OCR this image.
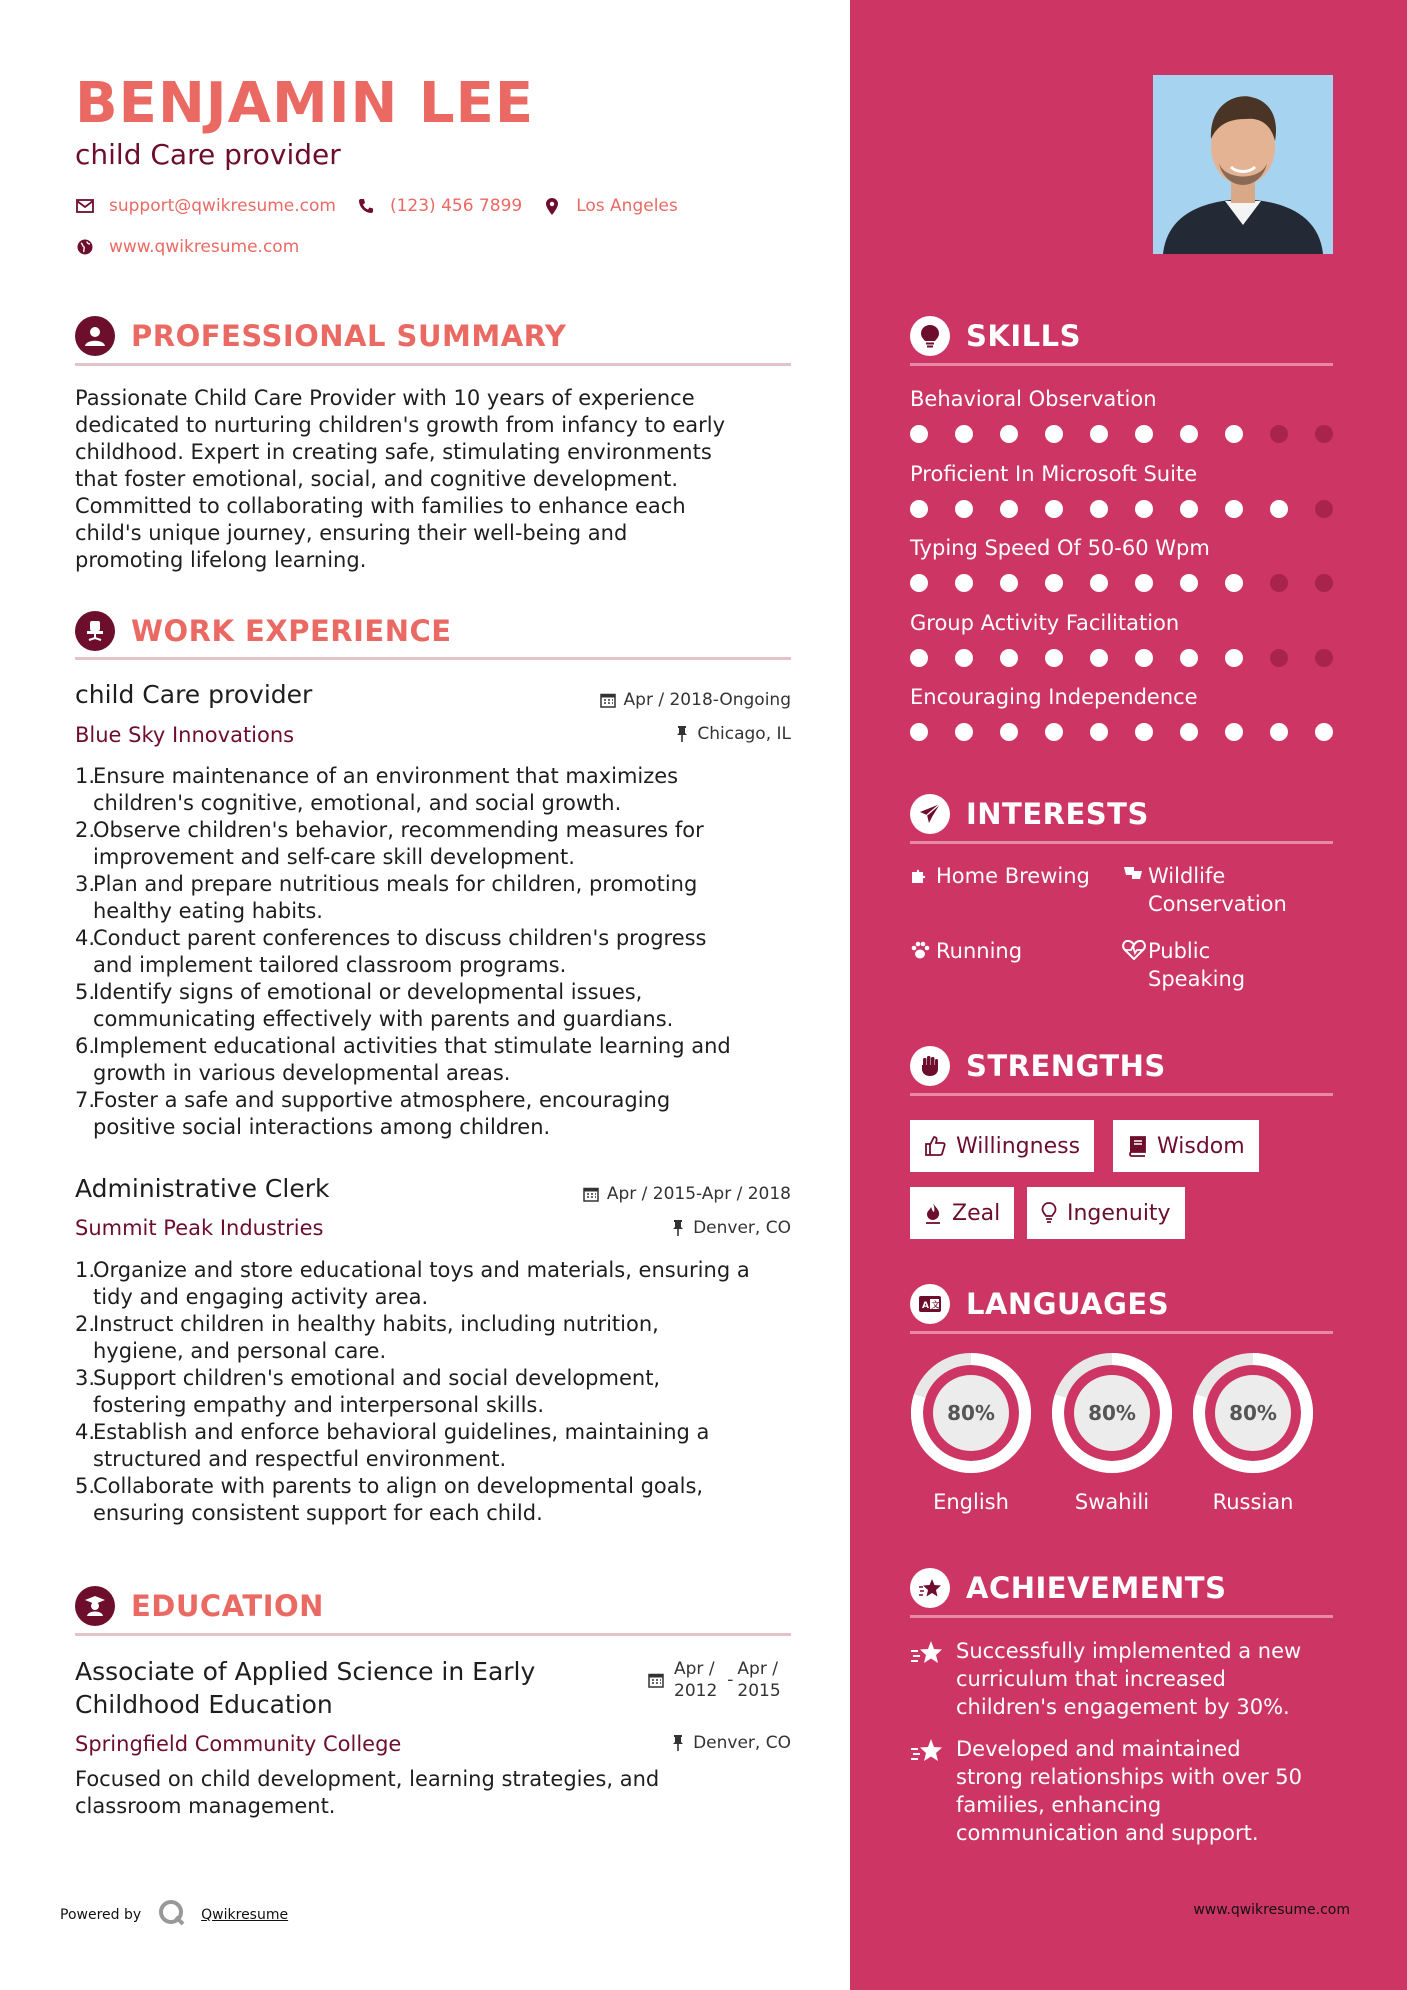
BENJAMIN LEE
child Care provider
support@qwikresume.com	(123) 456 7899	Los Angeles
www.qwikresume.com
PROFESSIONAL SUMMARY
Passionate Child Care Provider with 10 years of experience
dedicated to nurturing children's growth from infancy to early
childhood. Expert in creating safe, stimulating environments
that foster emotional, social, and cognitive development.
Committed to collaborating with families to enhance each
child's unique journey, ensuring their well-being and
promoting lifelong learning.
WORK EXPERIENCE
child Care provider	Apr / 2018-Ongoing
Blue Sky Innovations	Chicago, IL
1.
Ensure maintenance of an environment that maximizes
children's cognitive, emotional, and social growth.
2.
Observe children's behavior, recommending measures for
improvement and self-care skill development.
3.
Plan and prepare nutritious meals for children, promoting
healthy eating habits.
4.
Conduct parent conferences to discuss children's progress
and implement tailored classroom programs.
5.
Identify signs of emotional or developmental issues,
communicating effectively with parents and guardians.
6.
Implement educational activities that stimulate learning and
growth in various developmental areas.
7.
Foster a safe and supportive atmosphere, encouraging
positive social interactions among children.
Administrative Clerk	Apr / 2015-Apr / 2018
Summit Peak Industries	Denver, CO
1.
Organize and store educational toys and materials, ensuring a
tidy and engaging activity area.
2.
Instruct children in healthy habits, including nutrition,
hygiene, and personal care.
3.
Support children's emotional and social development,
fostering empathy and interpersonal skills.
4.
Establish and enforce behavioral guidelines, maintaining a
structured and respectful environment.
5.
Collaborate with parents to align on developmental goals,
ensuring consistent support for each child.
EDUCATION
Associate of Applied Science in Early
Childhood Education
Apr /
2012
-
Apr /
2015
Springfield Community College	Denver, CO
Focused on child development, learning strategies, and
classroom management.
Powered by	Qwikresume
SKILLS
Behavioral Observation
Proficient In Microsoft Suite
Typing Speed Of 50-60 Wpm
Group Activity Facilitation
Encouraging Independence
INTERESTS
Home Brewing	Wildlife
Conservation
Running	Public
Speaking
STRENGTHS
Willingness	Wisdom
Zeal	Ingenuity
A 文 LANGUAGES
80%
English
80%
Swahili
80%
Russian
ACHIEVEMENTS
Successfully implemented a new
curriculum that increased
children's engagement by 30%.
Developed and maintained
strong relationships with over 50
families, enhancing
communication and support.
www.qwikresume.com
